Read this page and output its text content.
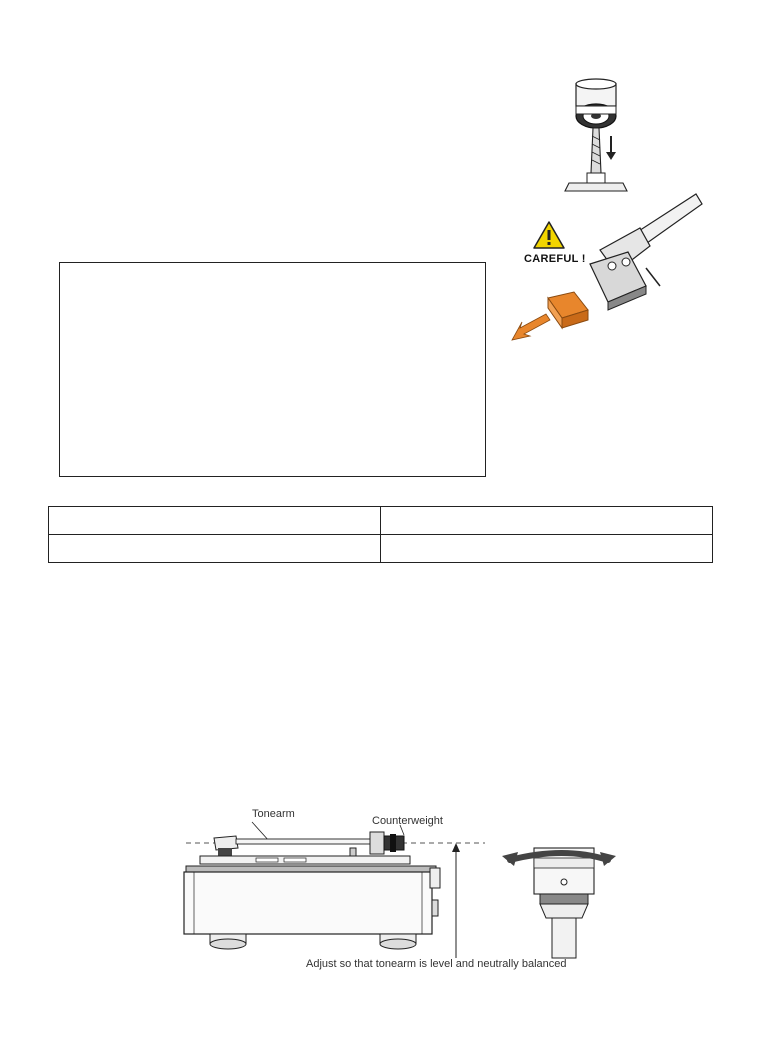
CAREFUL !

Tonearm
Counterweight
Adjust so that tonearm is level and neutrally balanced
